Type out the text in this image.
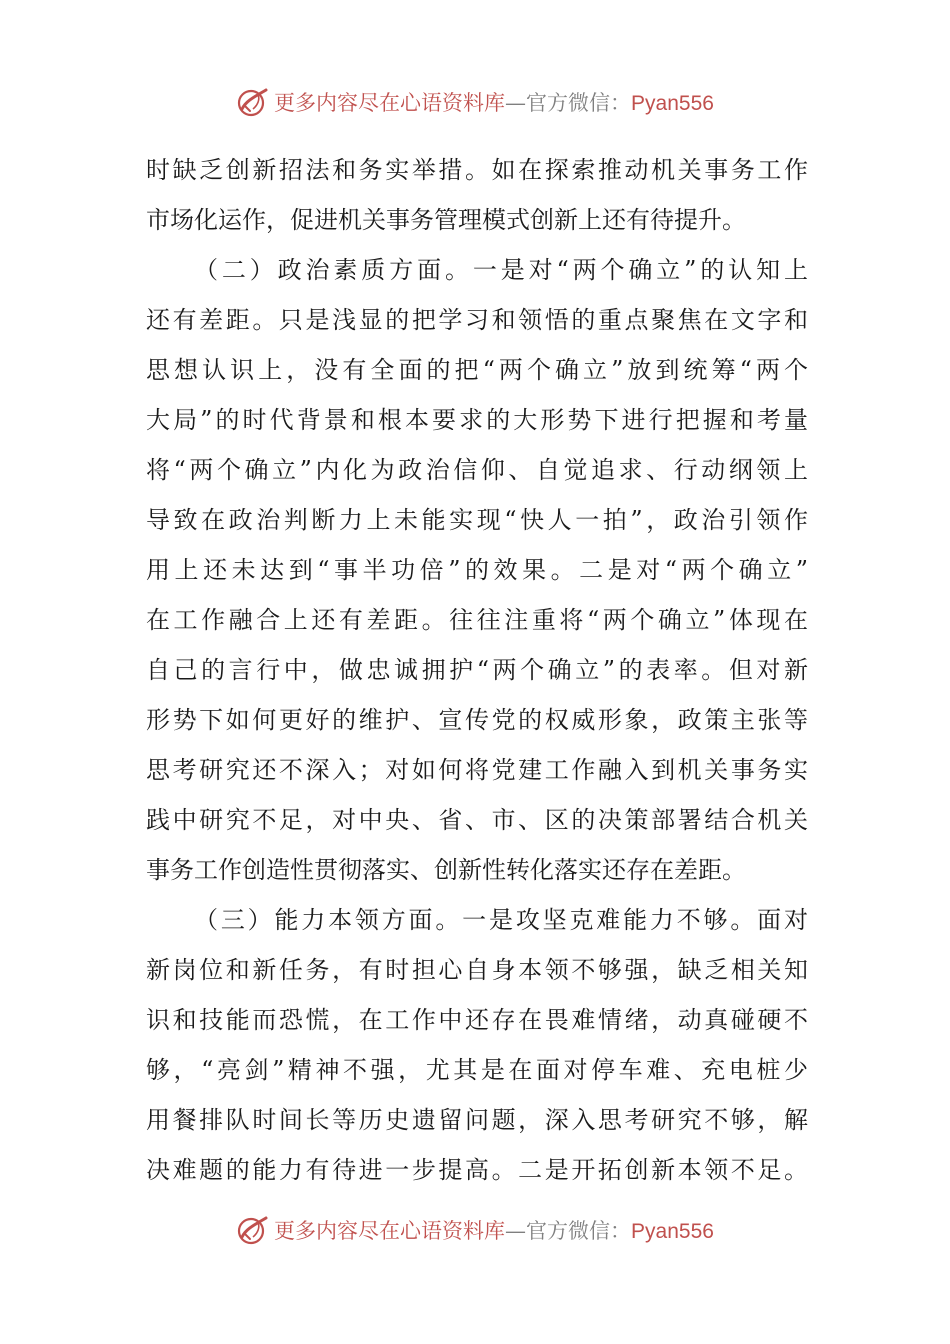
更多内容尽在心语资料库—官方微信：Pyan556
时缺乏创新招法和务实举措。如在探索推动机关事务工作
市场化运作，促进机关事务管理模式创新上还有待提升。
（二）政治素质方面。一是对“两个确立”的认知上
还有差距。只是浅显的把学习和领悟的重点聚焦在文字和
思想认识上，没有全面的把“两个确立”放到统筹“两个
大局”的时代背景和根本要求的大形势下进行把握和考量
将“两个确立”内化为政治信仰、自觉追求、行动纲领上
导致在政治判断力上未能实现“快人一拍”，政治引领作
用上还未达到“事半功倍”的效果。二是对“两个确立”
在工作融合上还有差距。往往注重将“两个确立”体现在
自己的言行中，做忠诚拥护“两个确立”的表率。但对新
形势下如何更好的维护、宣传党的权威形象，政策主张等
思考研究还不深入；对如何将党建工作融入到机关事务实
践中研究不足，对中央、省、市、区的决策部署结合机关
事务工作创造性贯彻落实、创新性转化落实还存在差距。
（三）能力本领方面。一是攻坚克难能力不够。面对
新岗位和新任务，有时担心自身本领不够强，缺乏相关知
识和技能而恐慌，在工作中还存在畏难情绪，动真碰硬不
够，“亮剑”精神不强，尤其是在面对停车难、充电桩少
用餐排队时间长等历史遗留问题，深入思考研究不够，解
决难题的能力有待进一步提高。二是开拓创新本领不足。
更多内容尽在心语资料库—官方微信：Pyan556
